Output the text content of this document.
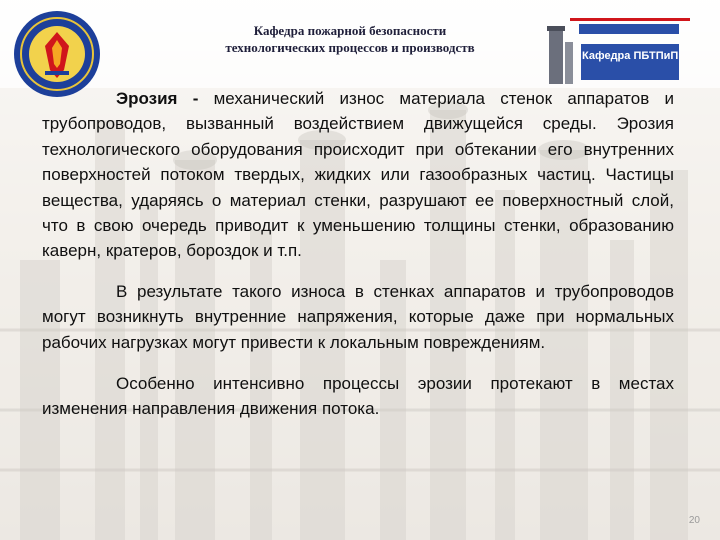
Кафедра пожарной безопасности
технологических процессов и производств
Кафедра ПБТПиП

Эрозия - механический износ материала стенок аппаратов и трубопроводов, вызванный воздействием движущейся среды. Эрозия технологического оборудования происходит при обтекании его внутренних поверхностей потоком твердых, жидких или газообразных частиц. Частицы вещества, ударяясь о материал стенки, разрушают ее поверхностный слой, что в свою очередь приводит к уменьшению толщины стенки, образованию каверн, кратеров, бороздок и т.п.

В результате такого износа в стенках аппаратов и трубопроводов могут возникнуть внутренние напряжения, которые даже при нормальных рабочих нагрузках могут привести к локальным повреждениям.

Особенно интенсивно процессы эрозии протекают в местах изменения направления движения потока.

20
